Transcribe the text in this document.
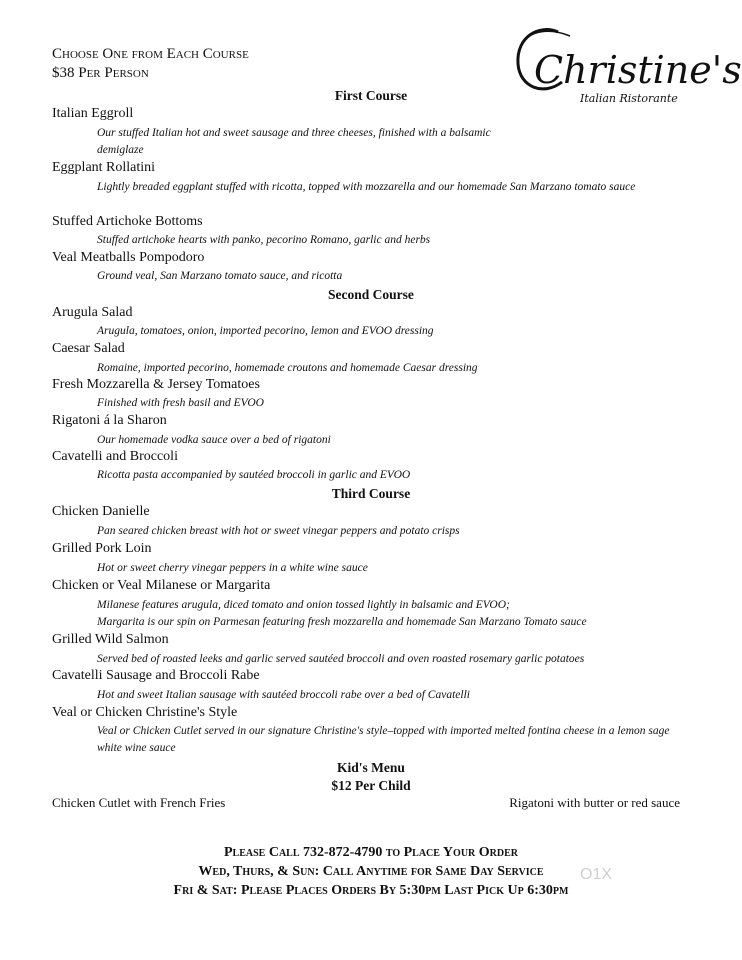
Choose One from Each Course
$38 Per Person	Christine's
Italian Ristorante
First Course
Italian Eggroll
Our stuffed Italian hot and sweet sausage and three cheeses, finished with a balsamic demiglaze
Eggplant Rollatini
Lightly breaded eggplant stuffed with ricotta, topped with mozzarella and our homemade San Marzano tomato sauce
Stuffed Artichoke Bottoms
Stuffed artichoke hearts with panko, pecorino Romano, garlic and herbs
Veal Meatballs Pompodoro
Ground veal, San Marzano tomato sauce, and ricotta
Second Course
Arugula Salad
Arugula, tomatoes, onion, imported pecorino, lemon and EVOO dressing
Caesar Salad
Romaine, imported pecorino, homemade croutons and homemade Caesar dressing
Fresh Mozzarella & Jersey Tomatoes
Finished with fresh basil and EVOO
Rigatoni á la Sharon
Our homemade vodka sauce over a bed of rigatoni
Cavatelli and Broccoli
Ricotta pasta accompanied by sautéed broccoli in garlic and EVOO
Third Course
Chicken Danielle
Pan seared chicken breast with hot or sweet vinegar peppers and potato crisps
Grilled Pork Loin
Hot or sweet cherry vinegar peppers in a white wine sauce
Chicken or Veal Milanese or Margarita
Milanese features arugula, diced tomato and onion tossed lightly in balsamic and EVOO;
Margarita is our spin on Parmesan featuring fresh mozzarella and homemade San Marzano Tomato sauce
Grilled Wild Salmon
Served bed of roasted leeks and garlic served sautéed broccoli and oven roasted rosemary garlic potatoes
Cavatelli Sausage and Broccoli Rabe
Hot and sweet Italian sausage with sautéed broccoli rabe over a bed of Cavatelli
Veal or Chicken Christine's Style
Veal or Chicken Cutlet served in our signature Christine's style–topped with imported melted fontina cheese in a lemon sage white wine sauce
Kid's Menu
$12 Per Child
Chicken Cutlet with French Fries	Rigatoni with butter or red sauce
Please Call 732-872-4790 to Place Your Order
Wed, Thurs, & Sun: Call Anytime for Same Day Service
Fri & Sat: Please Places Orders By 5:30pm Last Pick Up 6:30pm
O1X
